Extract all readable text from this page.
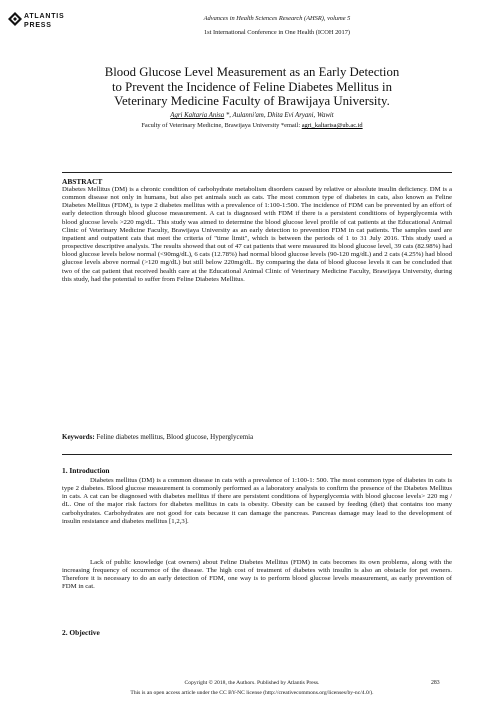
ATLANTIS
PRESS
Advances in Health Sciences Research (AHSR), volume 5
1st International Conference in One Health (ICOH 2017)
Blood Glucose Level Measurement as an Early Detection
to Prevent the Incidence of Feline Diabetes Mellitus in
Veterinary Medicine Faculty of Brawijaya University.
Agri Kaltaria Anisa *, Aulanni'am, Dhita Evi Aryani, Wawit
Faculty of Veterinary Medicine, Brawijaya University *email: agri_kaltarisa@ub.ac.id
ABSTRACT
Diabetes Mellitus (DM) is a chronic condition of carbohydrate metabolism disorders caused by relative or absolute insulin deficiency. DM is a common disease not only in humans, but also pet animals such as cats. The most common type of diabetes in cats, also known as Feline Diabetes Mellitus (FDM), is type 2 diabetes mellitus with a prevalence of 1:100-1:500. The incidence of FDM can be prevented by an effort of early detection through blood glucose measurement. A cat is diagnosed with FDM if there is a persistent conditions of hyperglycemia with blood glucose levels >220 mg/dL. This study was aimed to determine the blood glucose level profile of cat patients at the Educational Animal Clinic of Veterinary Medicine Faculty, Brawijaya University as an early detection to prevention FDM in cat patients. The samples used are inpatient and outpatient cats that meet the criteria of "time limit", which is between the periods of 1 to 31 July 2016. This study used a prospective descriptive analysis. The results showed that out of 47 cat patients that were measured its blood glucose level, 39 cats (82.98%) had blood glucose levels below normal (<90mg/dL), 6 cats (12.78%) had normal blood glucose levels (90-120 mg/dL) and 2 cats (4.25%) had blood glucose levels above normal (>120 mg/dL) but still below 220mg/dL. By comparing the data of blood glucose levels it can be concluded that two of the cat patient that received health care at the Educational Animal Clinic of Veterinary Medicine Faculty, Brawijaya University, during this study, had the potential to suffer from Feline Diabetes Mellitus.
Keywords: Feline diabetes mellitus, Blood glucose, Hyperglycemia
1. Introduction
Diabetes mellitus (DM) is a common disease in cats with a prevalence of 1:100-1: 500. The most common type of diabetes in cats is type 2 diabetes. Blood glucose measurement is commonly performed as a laboratory analysis to confirm the presence of the Diabetes Mellitus in cats. A cat can be diagnosed with diabetes mellitus if there are persistent conditions of hyperglycemia with blood glucose levels> 220 mg / dL. One of the major risk factors for diabetes mellitus in cats is obesity. Obesity can be caused by feeding (diet) that contains too many carbohydrates. Carbohydrates are not good for cats because it can damage the pancreas. Pancreas damage may lead to the development of insulin resistance and diabetes mellitus [1,2,3].
Lack of public knowledge (cat owners) about Feline Diabetes Mellitus (FDM) in cats becomes its own problems, along with the increasing frequency of occurrence of the disease. The high cost of treatment of diabetes with insulin is also an obstacle for pet owners. Therefore it is necessary to do an early detection of FDM, one way is to perform blood glucose levels measurement, as early prevention of FDM in cat.
2. Objective
Copyright © 2018, the Authors. Published by Atlantis Press.	283
This is an open access article under the CC BY-NC license (http://creativecommons.org/licenses/by-nc/4.0/).
